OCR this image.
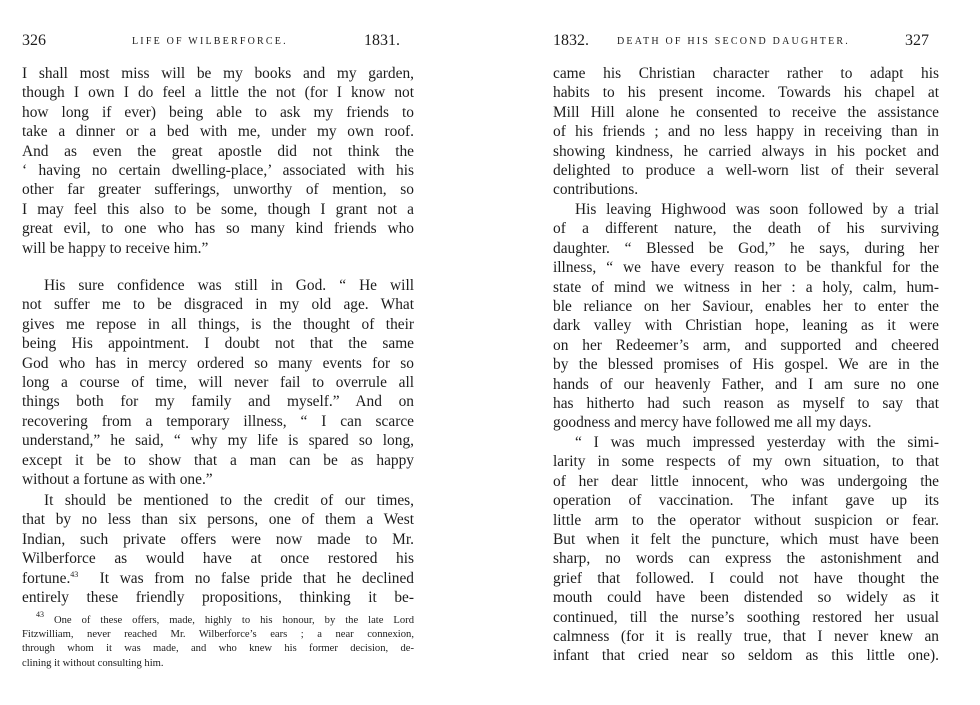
326	LIFE OF WILBERFORCE.	1831.
I shall most miss will be my books and my garden,
though I own I do feel a little the not (for I know not
how long if ever) being able to ask my friends to
take a dinner or a bed with me, under my own roof.
And as even the great apostle did not think the
‘ having no certain dwelling-place,’ associated with his
other far greater sufferings, unworthy of mention, so
I may feel this also to be some, though I grant not a
great evil, to one who has so many kind friends who
will be happy to receive him.”
His sure confidence was still in God. “ He will
not suffer me to be disgraced in my old age. What
gives me repose in all things, is the thought of their
being His appointment. I doubt not that the same
God who has in mercy ordered so many events for so
long a course of time, will never fail to overrule all
things both for my family and myself.” And on
recovering from a temporary illness, “ I can scarce
understand,” he said, “ why my life is spared so long,
except it be to show that a man can be as happy
without a fortune as with one.”
It should be mentioned to the credit of our times,
that by no less than six persons, one of them a West
Indian, such private offers were now made to Mr.
Wilberforce as would have at once restored his
fortune.$^{43}$ It was from no false pride that he declined
entirely these friendly propositions, thinking it be-
$^{43}$ One of these offers, made, highly to his honour, by the late Lord
Fitzwilliam, never reached Mr. Wilberforce’s ears ; a near connexion,
through whom it was made, and who knew his former decision, de-
clining it without consulting him.
1832.	DEATH OF HIS SECOND DAUGHTER.	327
came his Christian character rather to adapt his
habits to his present income. Towards his chapel at
Mill Hill alone he consented to receive the assistance
of his friends ; and no less happy in receiving than in
showing kindness, he carried always in his pocket and
delighted to produce a well-worn list of their several
contributions.
His leaving Highwood was soon followed by a trial
of a different nature, the death of his surviving
daughter. “ Blessed be God,” he says, during her
illness, “ we have every reason to be thankful for the
state of mind we witness in her : a holy, calm, hum-
ble reliance on her Saviour, enables her to enter the
dark valley with Christian hope, leaning as it were
on her Redeemer’s arm, and supported and cheered
by the blessed promises of His gospel. We are in the
hands of our heavenly Father, and I am sure no one
has hitherto had such reason as myself to say that
goodness and mercy have followed me all my days.
“ I was much impressed yesterday with the simi-
larity in some respects of my own situation, to that
of her dear little innocent, who was undergoing the
operation of vaccination. The infant gave up its
little arm to the operator without suspicion or fear.
But when it felt the puncture, which must have been
sharp, no words can express the astonishment and
grief that followed. I could not have thought the
mouth could have been distended so widely as it
continued, till the nurse’s soothing restored her usual
calmness (for it is really true, that I never knew an
infant that cried near so seldom as this little one).
